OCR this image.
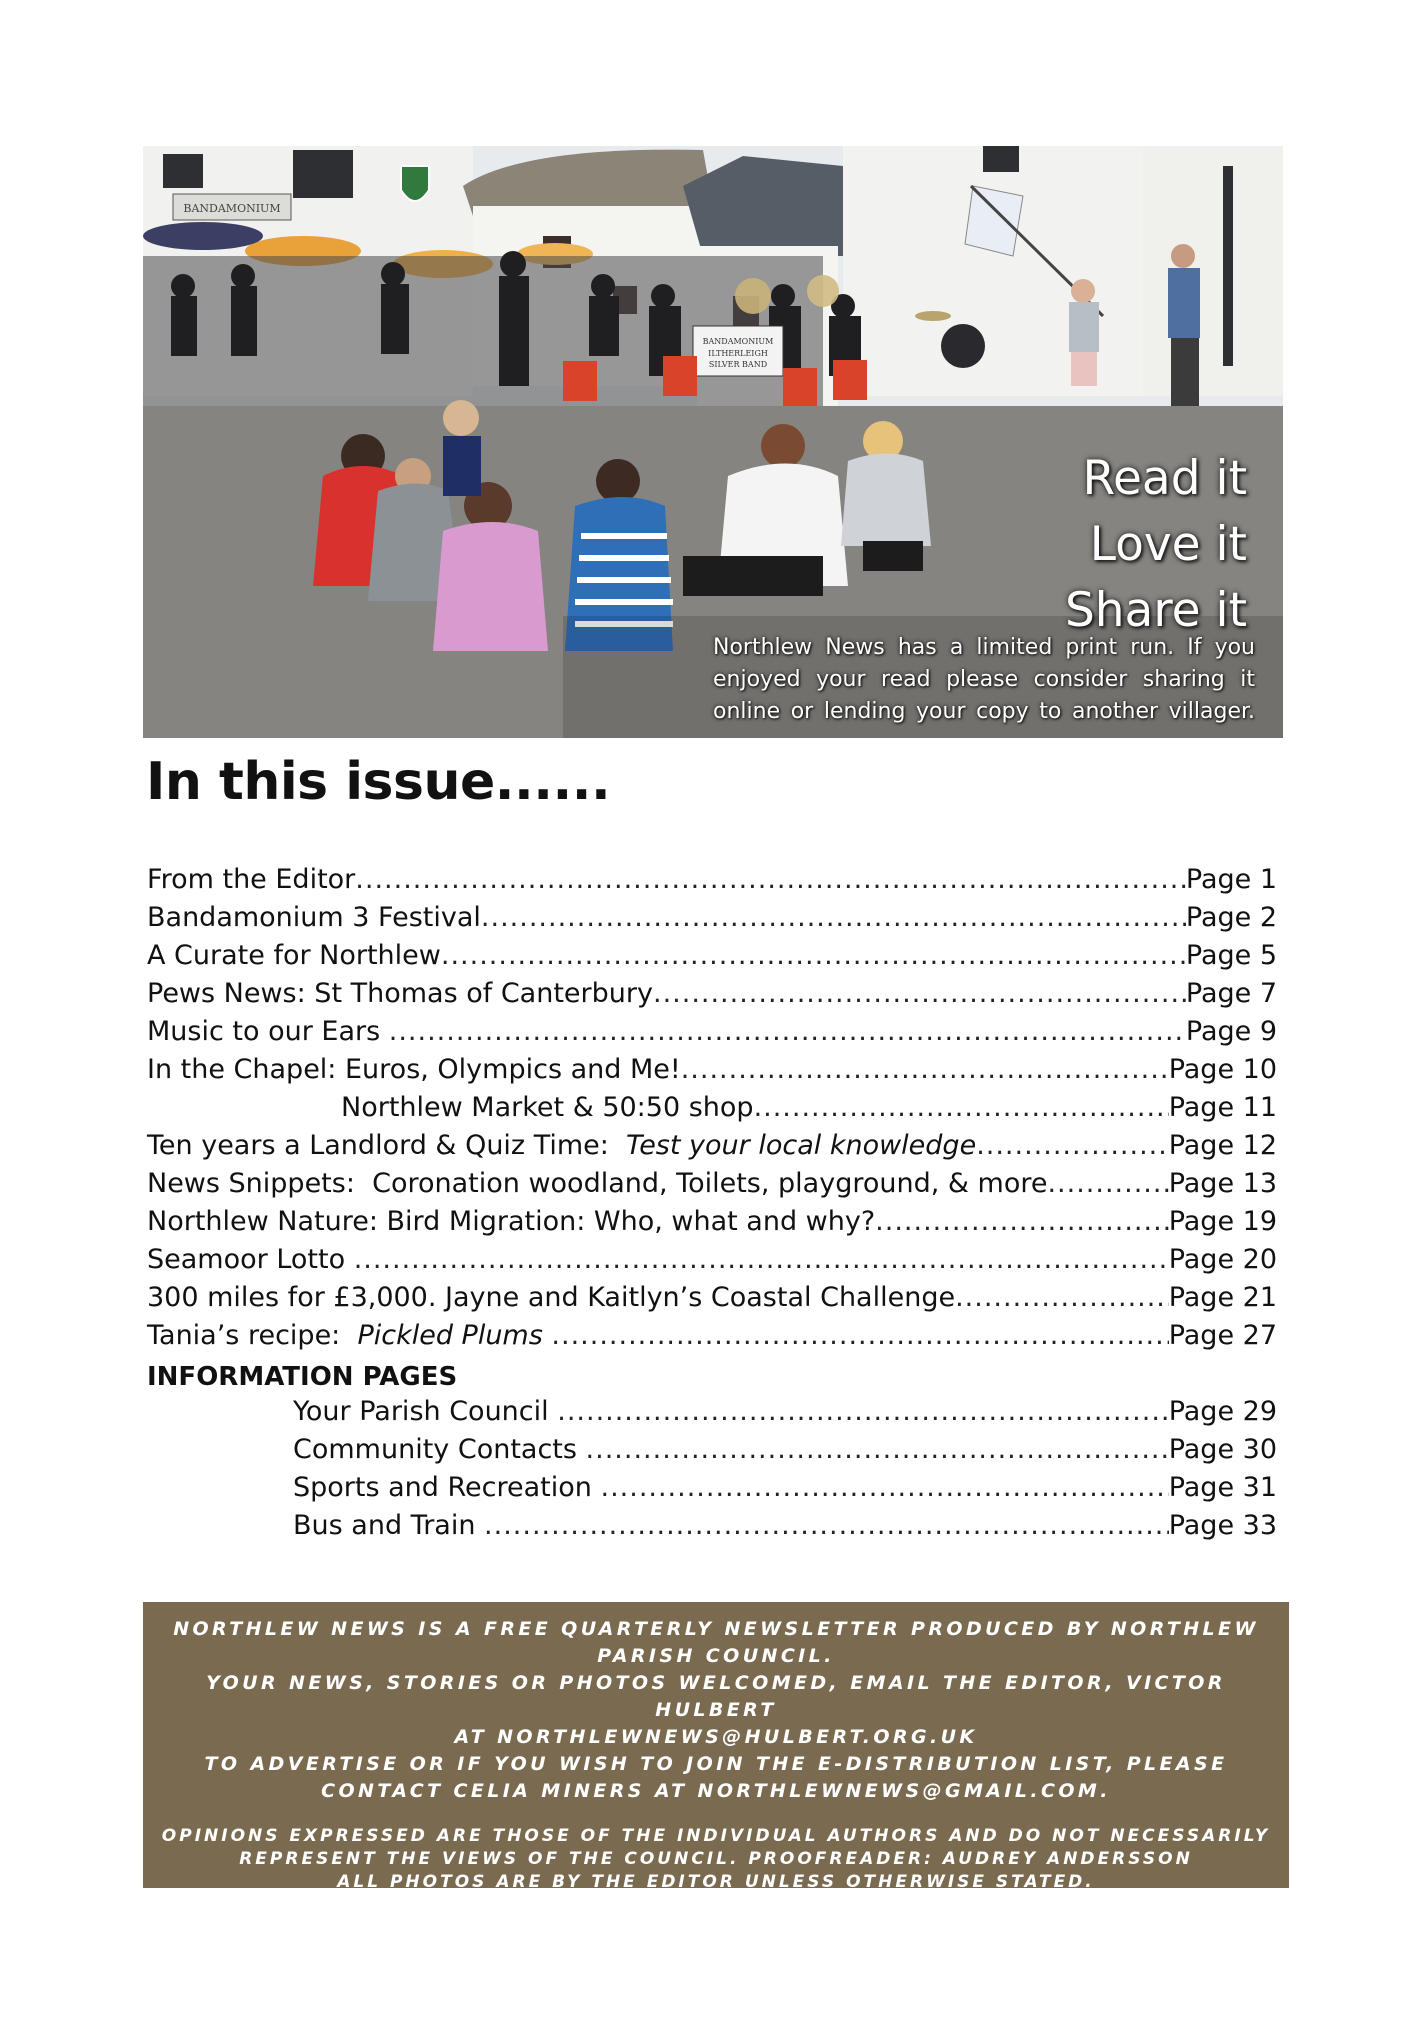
BANDAMONIUM
BANDAMONIUM
ILTHERLEIGH
SILVER BAND
Read it
Love it
Share it
Northlew News has a limited print run. If you
enjoyed your read please consider sharing it
online or lending your copy to another villager.
In this issue......
From the Editor .....	Page 1
Bandamonium 3 Festival .....	Page 2
A Curate for Northlew .....	Page 5
Pews News: St Thomas of Canterbury .....	Page 7
Music to our Ears .....	Page 9
In the Chapel: Euros, Olympics and Me! .....	Page 10
Northlew Market & 50:50 shop .....	Page 11
Ten years a Landlord & Quiz Time:  Test your local knowledge .....	Page 12
News Snippets:  Coronation woodland, Toilets, playground, & more .....	Page 13
Northlew Nature: Bird Migration: Who, what and why? .....	Page 19
Seamoor Lotto .....	Page 20
300 miles for £3,000. Jayne and Kaitlyn’s Coastal Challenge .....	Page 21
Tania’s recipe:  Pickled Plums .....	Page 27
INFORMATION PAGES
Your Parish Council .....	Page 29
Community Contacts .....	Page 30
Sports and Recreation .....	Page 31
Bus and Train .....	Page 33
NORTHLEW NEWS IS A FREE QUARTERLY NEWSLETTER PRODUCED BY NORTHLEW
PARISH COUNCIL.
YOUR NEWS, STORIES OR PHOTOS WELCOMED, EMAIL THE EDITOR, VICTOR HULBERT
AT NORTHLEWNEWS@HULBERT.ORG.UK
TO ADVERTISE OR IF YOU WISH TO JOIN THE E-DISTRIBUTION LIST, PLEASE
CONTACT CELIA MINERS AT NORTHLEWNEWS@GMAIL.COM.
OPINIONS EXPRESSED ARE THOSE OF THE INDIVIDUAL AUTHORS AND DO NOT NECESSARILY
REPRESENT THE VIEWS OF THE COUNCIL. PROOFREADER: AUDREY ANDERSSON
ALL PHOTOS ARE BY THE EDITOR UNLESS OTHERWISE STATED.
